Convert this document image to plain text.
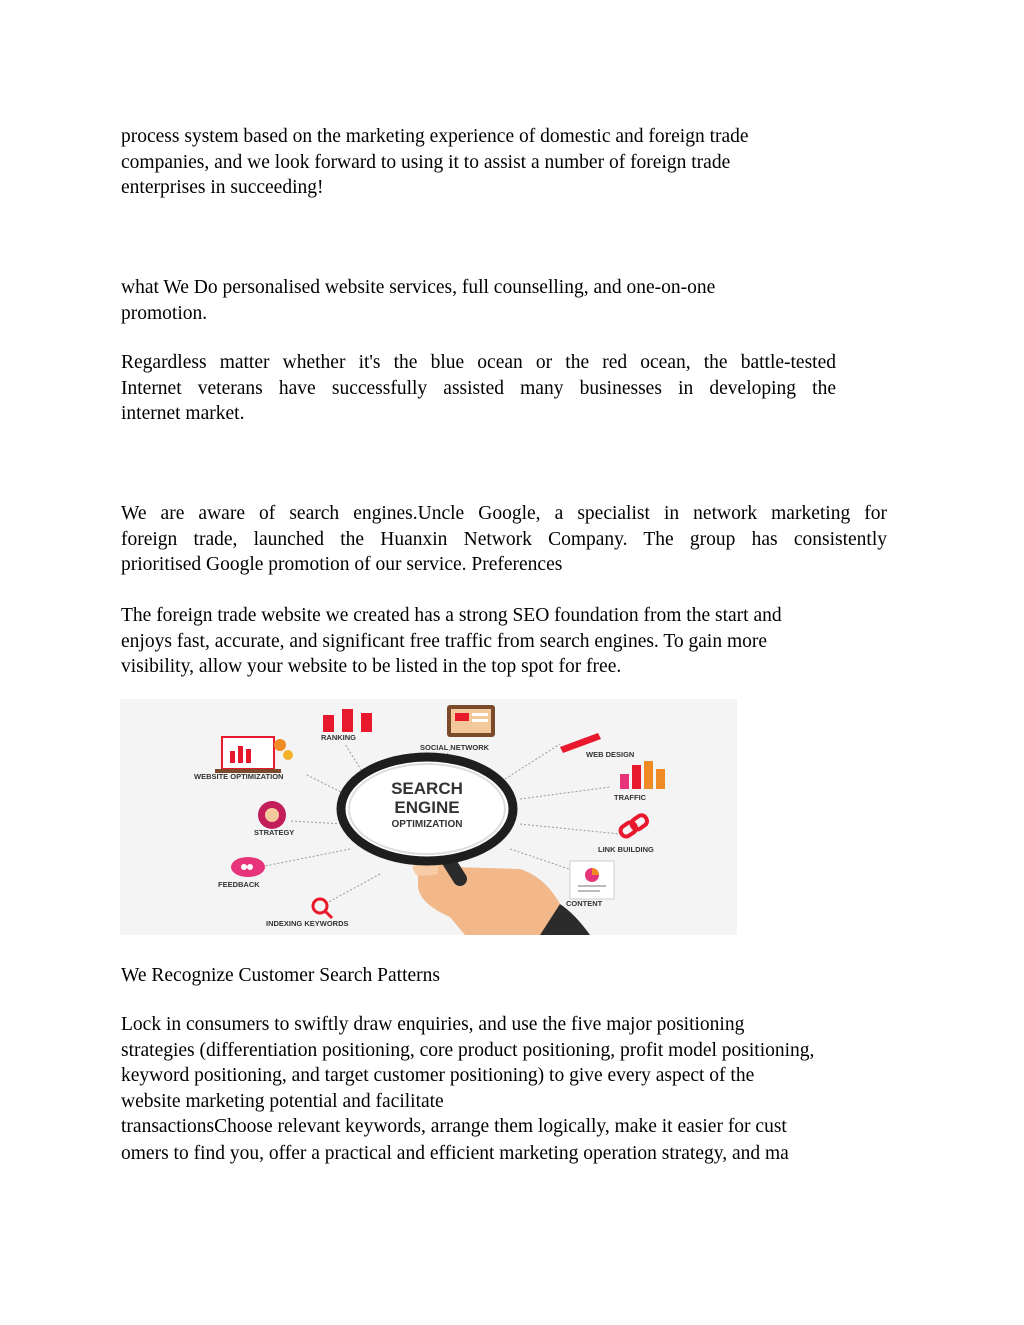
process system based on the marketing experience of domestic and foreign trade
companies, and we look forward to using it to assist a number of foreign trade
enterprises in succeeding!

what We Do personalised website services, full counselling, and one-on-one
promotion.

Regardless matter whether it's the blue ocean or the red ocean, the battle-tested
Internet veterans have successfully assisted many businesses in developing the
internet market.

We are aware of search engines.Uncle Google, a specialist in network marketing for
foreign trade, launched the Huanxin Network Company. The group has consistently
prioritised Google promotion of our service. Preferences

The foreign trade website we created has a strong SEO foundation from the start and
enjoys fast, accurate, and significant free traffic from search engines. To gain more
visibility, allow your website to be listed in the top spot for free.

RANKING
SOCIAL NETWORK
WEB DESIGN
TRAFFIC
LINK BUILDING
CONTENT
INDEXING KEYWORDS
FEEDBACK
STRATEGY
WEBSITE OPTIMIZATION
SEARCH
ENGINE
OPTIMIZATION

We Recognize Customer Search Patterns

Lock in consumers to swiftly draw enquiries, and use the five major positioning
strategies (differentiation positioning, core product positioning, profit model positioning,
keyword positioning, and target customer positioning) to give every aspect of the
website marketing potential and facilitate
transactionsChoose relevant keywords, arrange them logically, make it easier for cust
omers to find you, offer a practical and efficient marketing operation strategy, and ma
